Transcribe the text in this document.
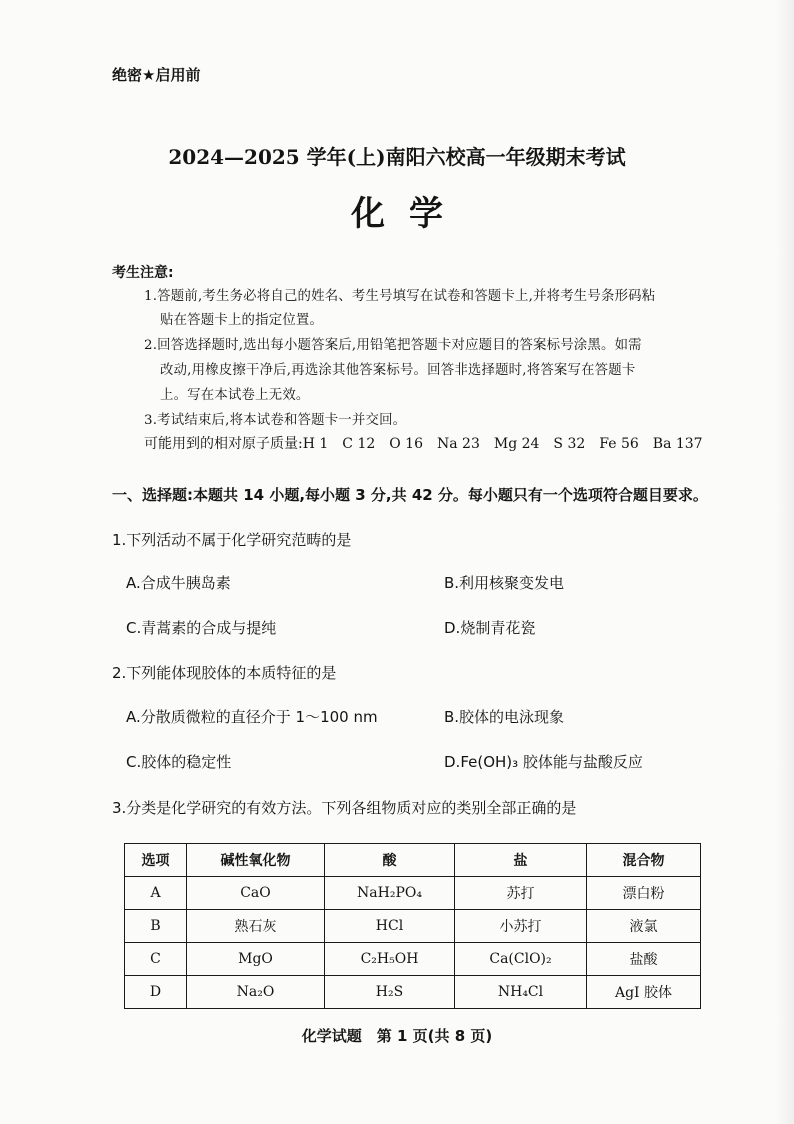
绝密★启用前
2024—2025 学年(上)南阳六校高一年级期末考试
化学
考生注意:
1.答题前,考生务必将自己的姓名、考生号填写在试卷和答题卡上,并将考生号条形码粘
贴在答题卡上的指定位置。
2.回答选择题时,选出每小题答案后,用铅笔把答题卡对应题目的答案标号涂黑。如需
改动,用橡皮擦干净后,再选涂其他答案标号。回答非选择题时,将答案写在答题卡
上。写在本试卷上无效。
3.考试结束后,将本试卷和答题卡一并交回。
可能用到的相对原子质量:H 1　C 12　O 16　Na 23　Mg 24　S 32　Fe 56　Ba 137
一、选择题:本题共 14 小题,每小题 3 分,共 42 分。每小题只有一个选项符合题目要求。
1.下列活动不属于化学研究范畴的是
A.合成牛胰岛素	B.利用核聚变发电
C.青蒿素的合成与提纯	D.烧制青花瓷
2.下列能体现胶体的本质特征的是
A.分散质微粒的直径介于 1～100 nm	B.胶体的电泳现象
C.胶体的稳定性	D.Fe(OH)₃ 胶体能与盐酸反应
3.分类是化学研究的有效方法。下列各组物质对应的类别全部正确的是
选项	碱性氧化物	酸	盐	混合物
A	CaO	NaH₂PO₄	苏打	漂白粉
B	熟石灰	HCl	小苏打	液氯
C	MgO	C₂H₅OH	Ca(ClO)₂	盐酸
D	Na₂O	H₂S	NH₄Cl	AgI 胶体
化学试题　第 1 页(共 8 页)
